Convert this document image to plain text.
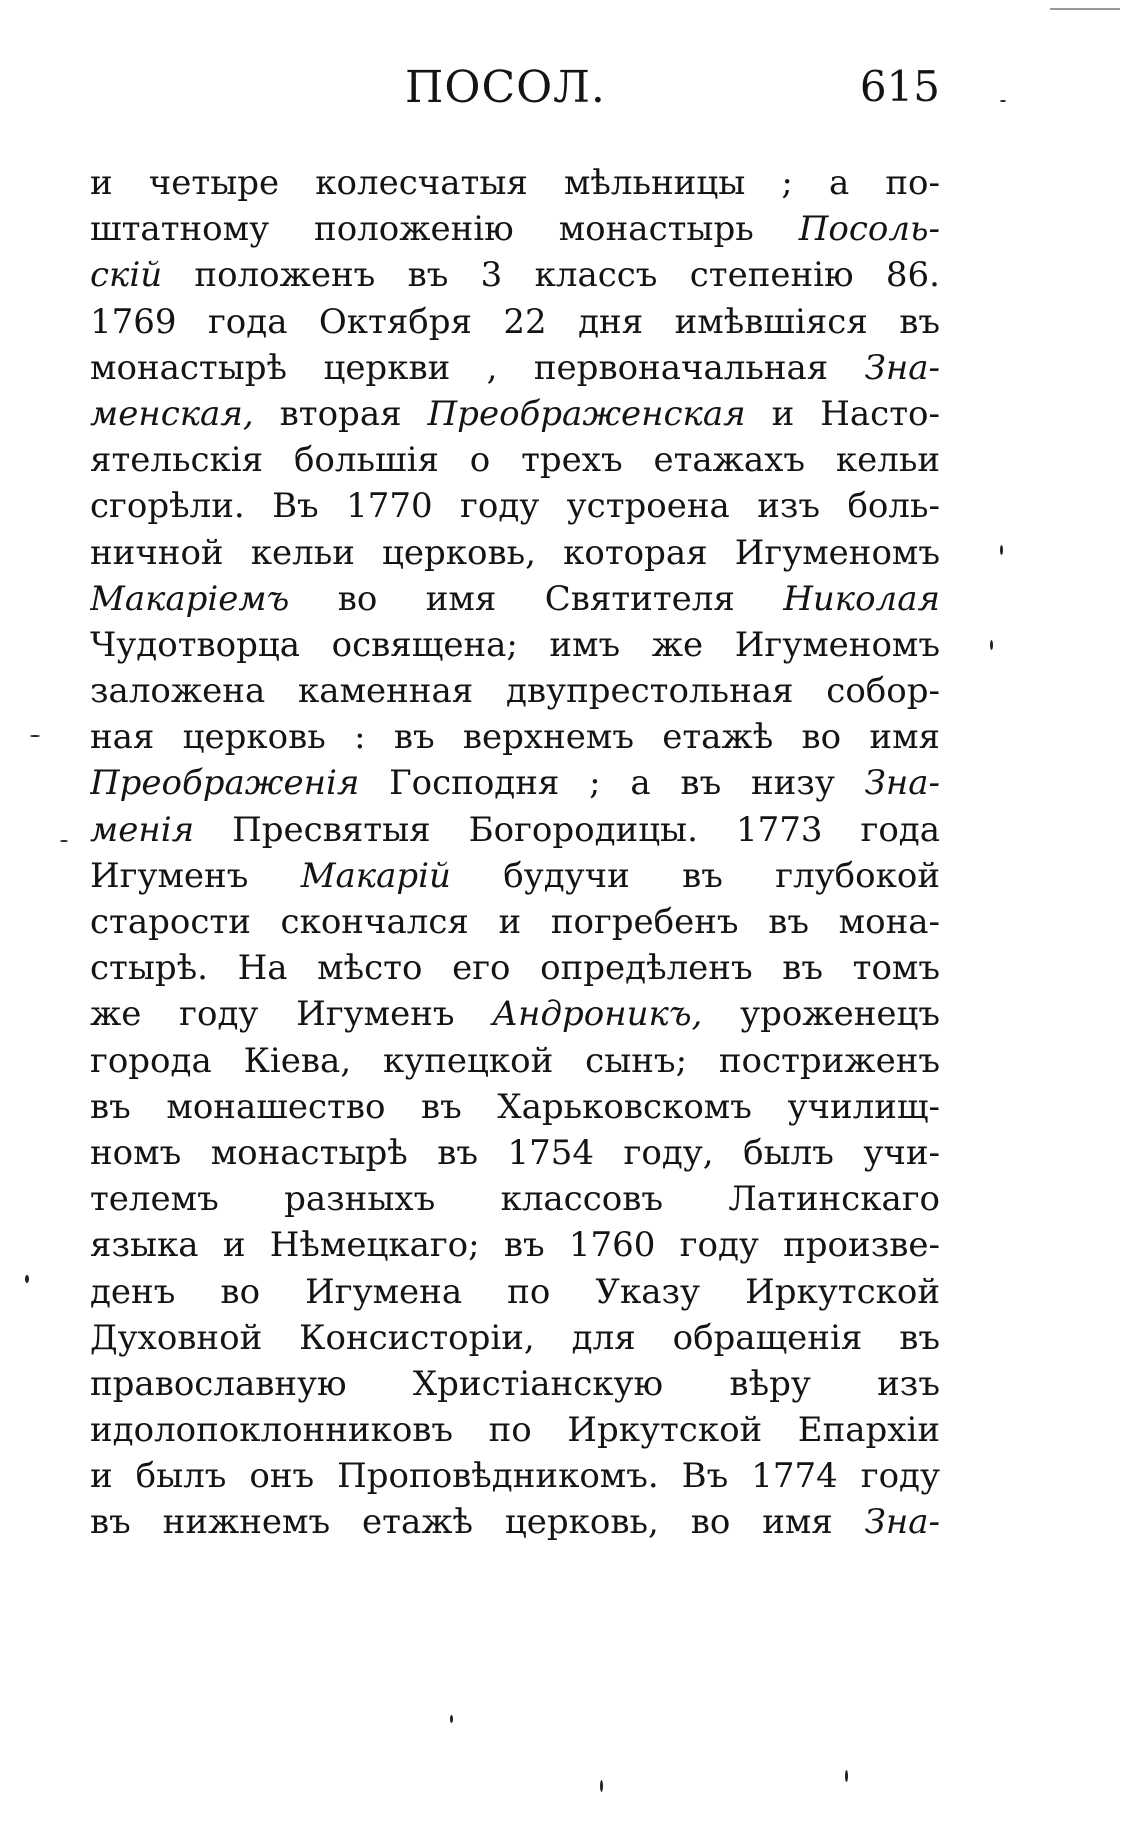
ПОСОЛ.	615
и четыре колесчатыя мѣльницы ; а по-
штатному положенію монастырь Посоль-
скій положенъ въ 3 классъ степенію 86.
1769 года Октября 22 дня имѣвшіяся въ
монастырѣ церкви , первоначальная Зна-
менская, вторая Преображенская и Насто-
ятельскія большія о трехъ етажахъ кельи
сгорѣли. Въ 1770 году устроена изъ боль-
ничной кельи церковь, которая Игуменомъ
Макаріемъ во имя Святителя Николая
Чудотворца освящена; имъ же Игуменомъ
заложена каменная двупрестольная собор-
ная церковь : въ верхнемъ етажѣ во имя
Преображенія Господня ; а въ низу Зна-
менія Пресвятыя Богородицы. 1773 года
Игуменъ Макарій будучи въ глубокой
старости скончался и погребенъ въ мона-
стырѣ. На мѣсто его опредѣленъ въ томъ
же году Игуменъ Андроникъ, уроженецъ
города Кіева, купецкой сынъ; постриженъ
въ монашество въ Харьковскомъ училищ-
номъ монастырѣ въ 1754 году, былъ учи-
телемъ разныхъ классовъ Латинскаго
языка и Нѣмецкаго; въ 1760 году произве-
денъ во Игумена по Указу Иркутской
Духовной Консисторіи, для обращенія въ
православную Христіанскую вѣру изъ
идолопоклонниковъ по Иркутской Епархіи
и былъ онъ Проповѣдникомъ. Въ 1774 году
въ нижнемъ етажѣ церковь, во имя Зна-
